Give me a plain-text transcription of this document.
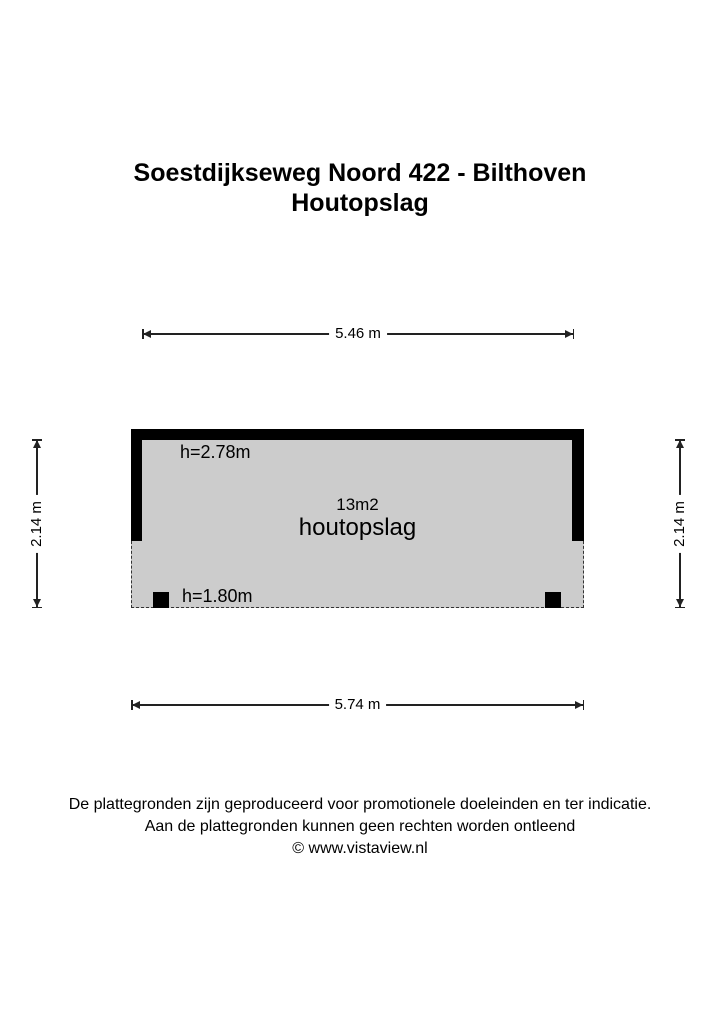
Soestdijkseweg Noord 422 - Bilthoven
Houtopslag
5.46 m
2.14 m	2.14 m
h=2.78m
h=1.80m
13m2
houtopslag
5.74 m
De plattegronden zijn geproduceerd voor promotionele doeleinden en ter indicatie.
Aan de plattegronden kunnen geen rechten worden ontleend
© www.vistaview.nl
